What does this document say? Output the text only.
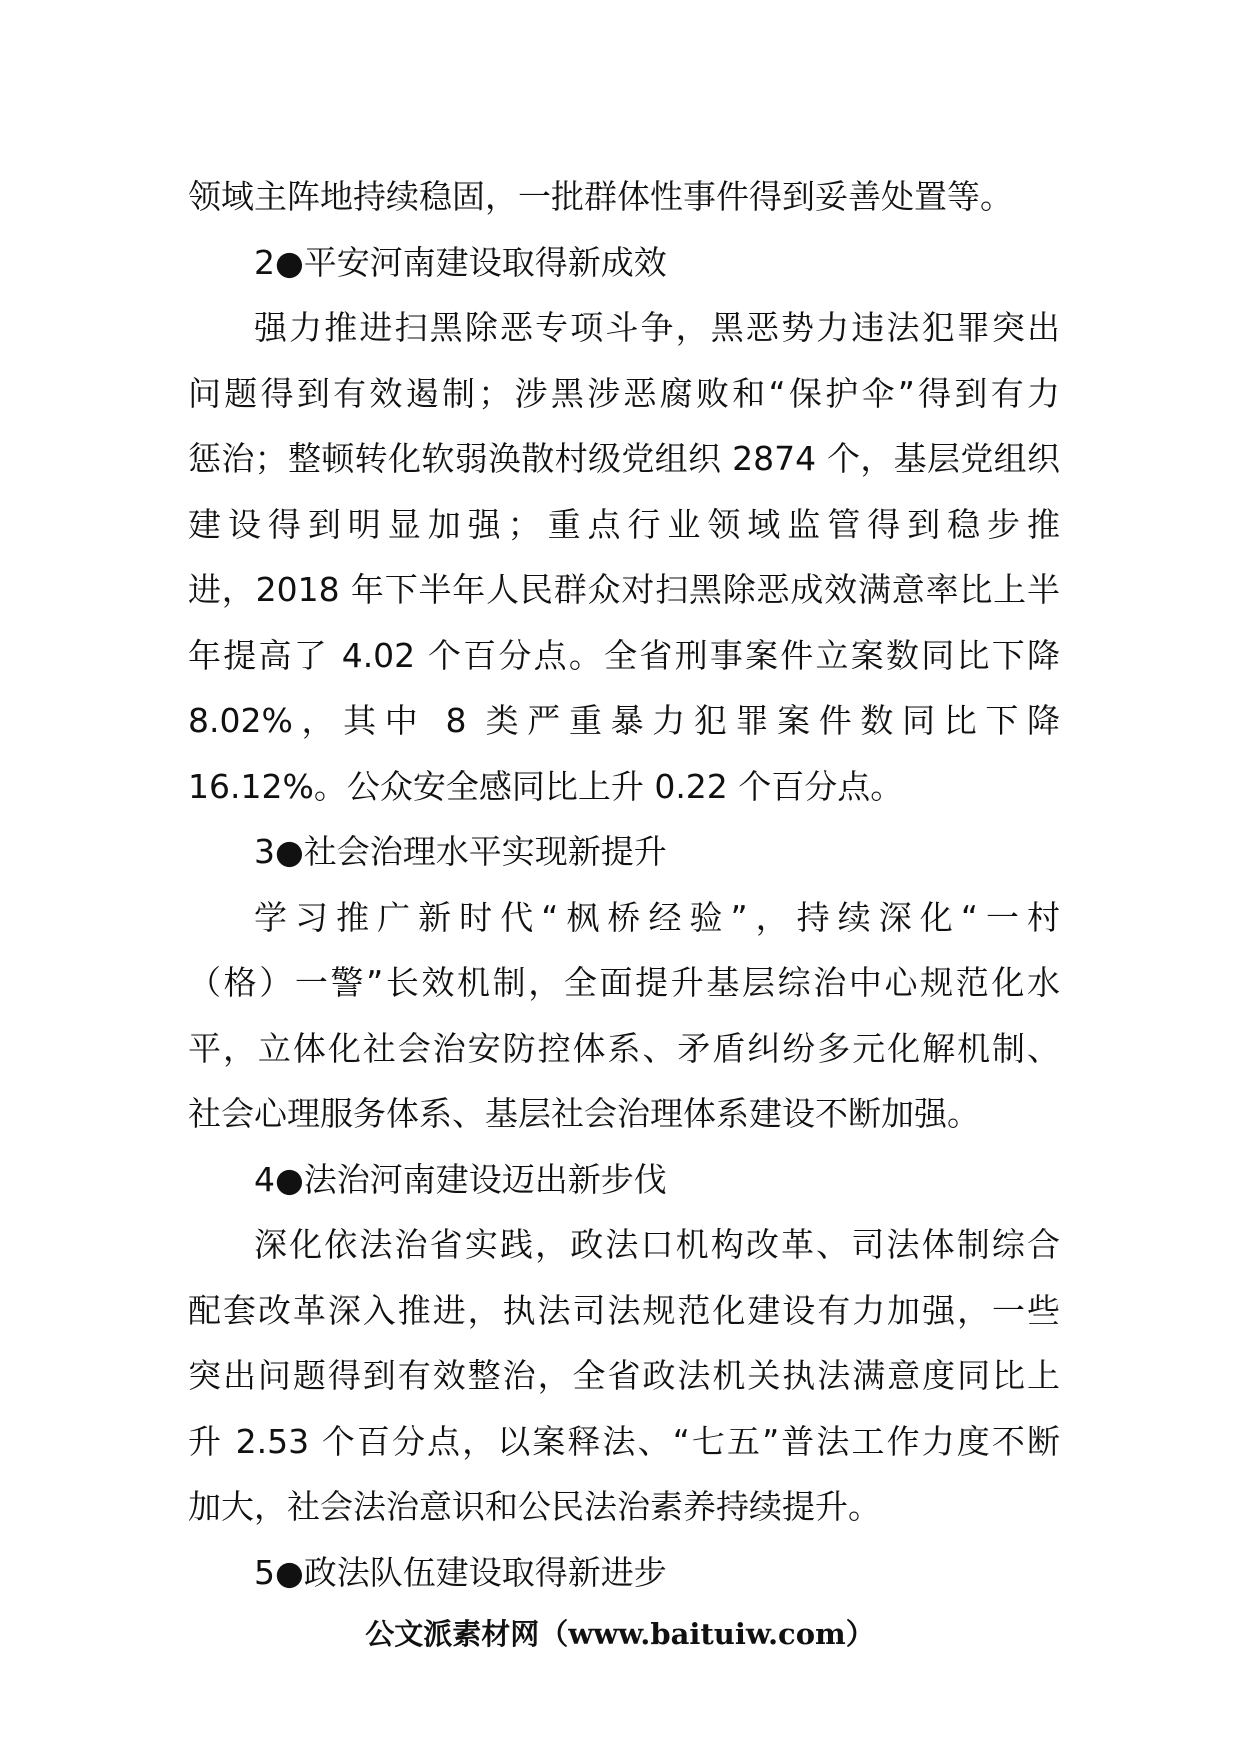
领域主阵地持续稳固，一批群体性事件得到妥善处置等。
2●平安河南建设取得新成效
强力推进扫黑除恶专项斗争，黑恶势力违法犯罪突出
问题得到有效遏制；涉黑涉恶腐败和“保护伞”得到有力
惩治；整顿转化软弱涣散村级党组织 2874 个，基层党组织
建设得到明显加强；重点行业领域监管得到稳步推
进，2018 年下半年人民群众对扫黑除恶成效满意率比上半
年提高了 4.02 个百分点。全省刑事案件立案数同比下降
8.02%，其中 8 类严重暴力犯罪案件数同比下降
16.12%。公众安全感同比上升 0.22 个百分点。
3●社会治理水平实现新提升
学习推广新时代“枫桥经验”，持续深化“一村
（格）一警”长效机制，全面提升基层综治中心规范化水
平，立体化社会治安防控体系、矛盾纠纷多元化解机制、
社会心理服务体系、基层社会治理体系建设不断加强。
4●法治河南建设迈出新步伐
深化依法治省实践，政法口机构改革、司法体制综合
配套改革深入推进，执法司法规范化建设有力加强，一些
突出问题得到有效整治，全省政法机关执法满意度同比上
升 2.53 个百分点，以案释法、“七五”普法工作力度不断
加大，社会法治意识和公民法治素养持续提升。
5●政法队伍建设取得新进步
公文派素材网（www.baituiw.com）
